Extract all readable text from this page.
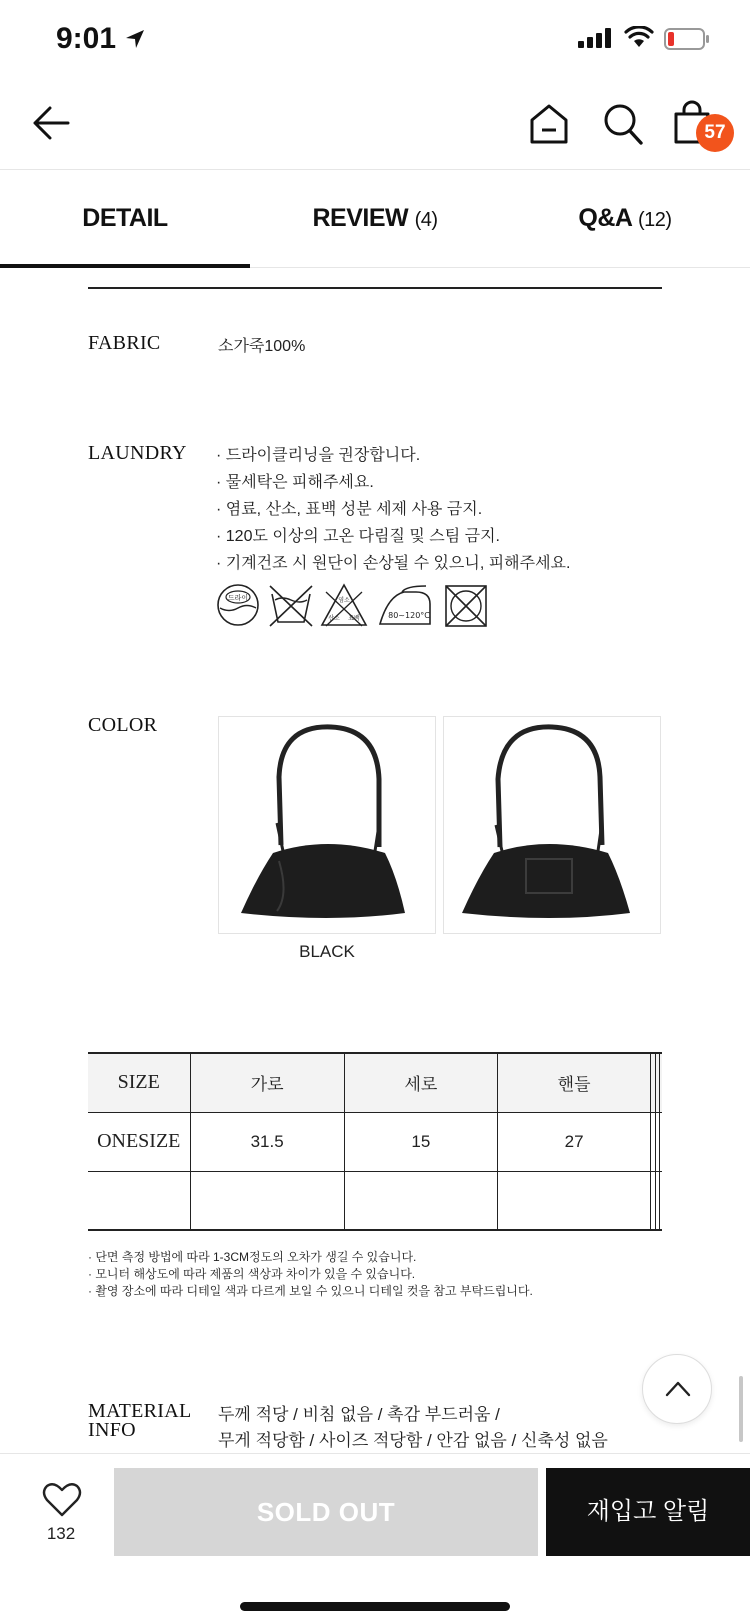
9:01
57
DETAIL	REVIEW (4)	Q&A (12)
FABRIC	소가죽100%
LAUNDRY · 드라이클리닝을 권장합니다.
· 물세탁은 피해주세요.
· 염료, 산소, 표백 성분 세제 사용 금지.
· 120도 이상의 고온 다림질 및 스팀 금지.
· 기계건조 시 원단이 손상될 수 있으니, 피해주세요.
드라이	염소
산소 표백	80~120°C
COLOR
BLACK
SIZE	가로	세로	핸들			
ONESIZE	31.5	15	27			

· 단면 측정 방법에 따라 1-3CM정도의 오차가 생길 수 있습니다.
· 모니터 해상도에 따라 제품의 색상과 차이가 있을 수 있습니다.
· 촬영 장소에 따라 디테일 색과 다르게 보일 수 있으니 디테일 컷을 참고 부탁드립니다.
MATERIAL
INFO
두께 적당 / 비침 없음 / 촉감 부드러움 /
무게 적당함 / 사이즈 적당함 / 안감 없음 / 신축성 없음
132
SOLD OUT	재입고 알림
